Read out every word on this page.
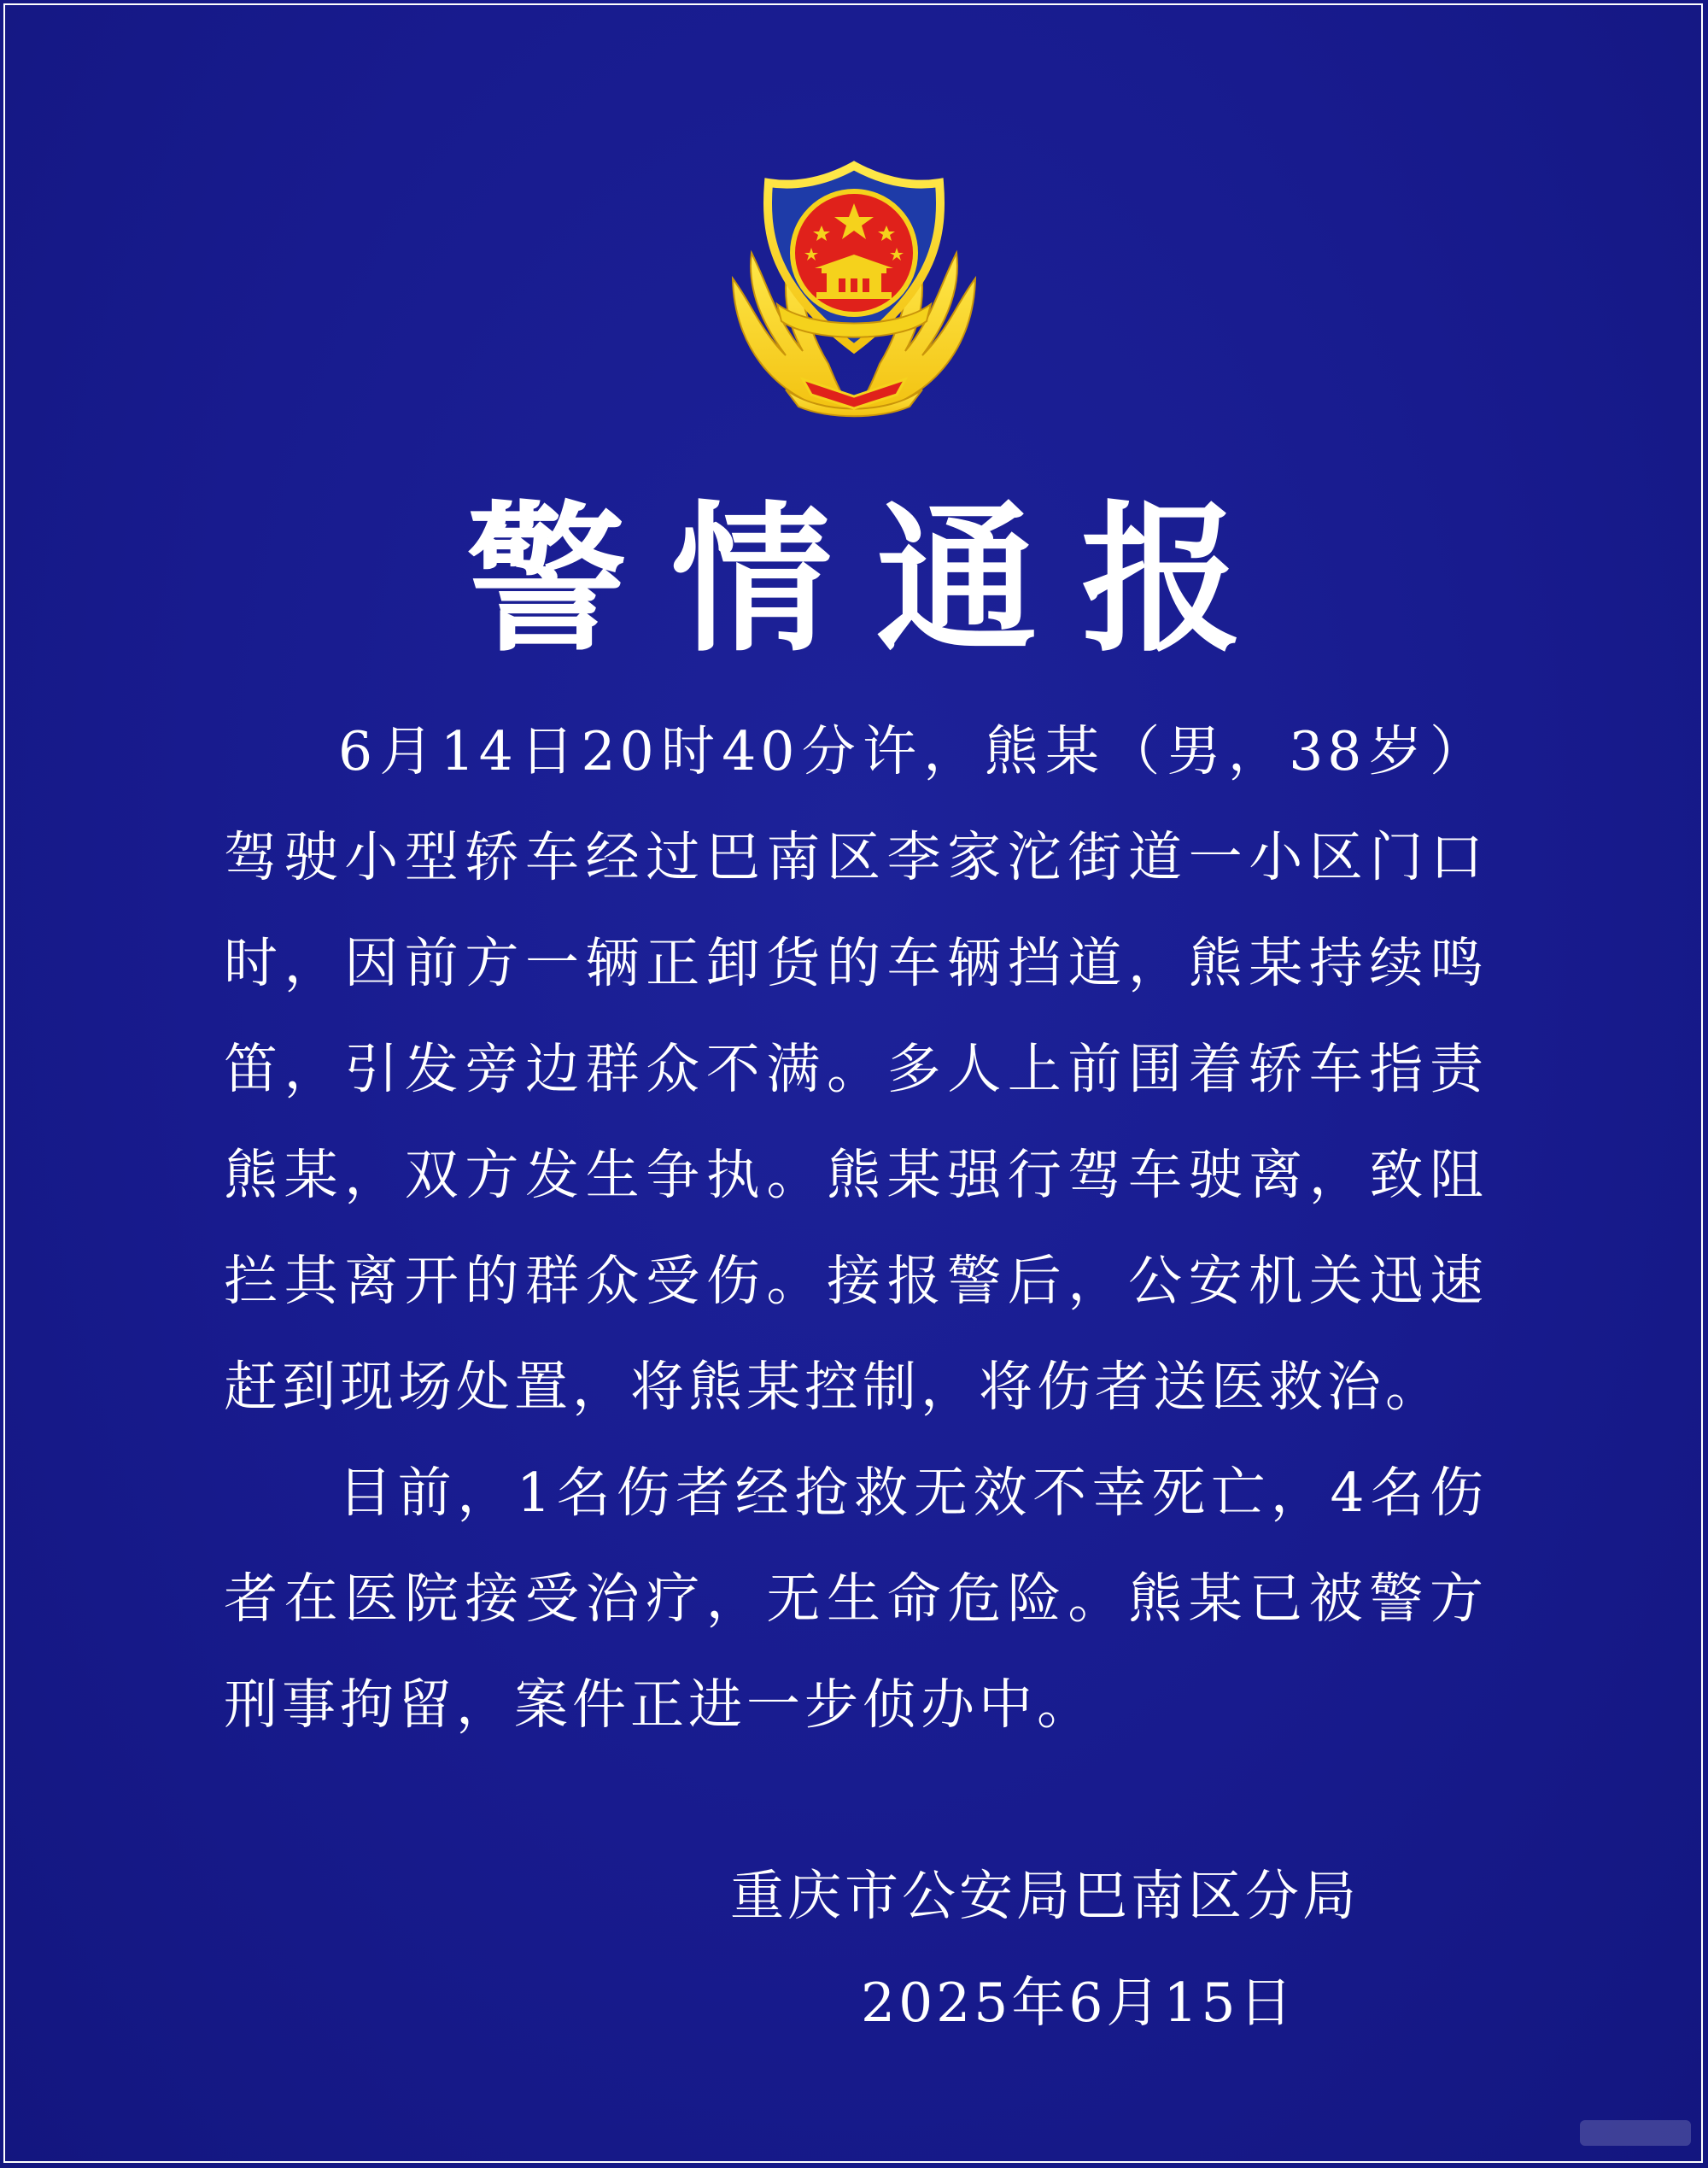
警情通报

6月14日20时40分许，熊某（男，38岁）驾驶小型轿车经过巴南区李家沱街道一小区门口时，因前方一辆正卸货的车辆挡道，熊某持续鸣笛，引发旁边群众不满。多人上前围着轿车指责熊某，双方发生争执。熊某强行驾车驶离，致阻拦其离开的群众受伤。接报警后，公安机关迅速赶到现场处置，将熊某控制，将伤者送医救治。

目前，1名伤者经抢救无效不幸死亡，4名伤者在医院接受治疗，无生命危险。熊某已被警方刑事拘留，案件正进一步侦办中。

重庆市公安局巴南区分局

2025年6月15日
